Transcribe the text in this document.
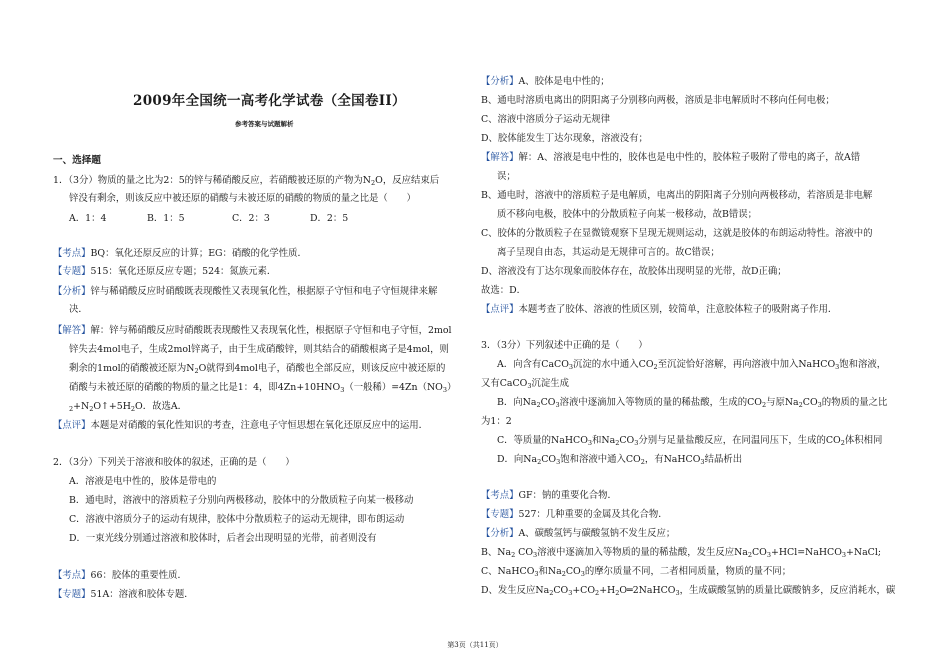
2009年全国统一高考化学试卷（全国卷II）
参考答案与试题解析
一、选择题
1．（3分）物质的量之比为2：5的锌与稀硝酸反应，若硝酸被还原的产物为$N_2O$，反应结束后
锌没有剩余，则该反应中被还原的硝酸与未被还原的硝酸的物质的量之比是（　　）
A．1：4	B．1：5	C．2：3	D．2：5
【考点】BQ：氧化还原反应的计算；EG：硝酸的化学性质．
【专题】515：氧化还原反应专题；524：氮族元素．
【分析】锌与稀硝酸反应时硝酸既表现酸性又表现氧化性，根据原子守恒和电子守恒规律来解
决．
【解答】解：锌与稀硝酸反应时硝酸既表现酸性又表现氧化性，根据原子守恒和电子守恒，2mol
锌失去4mol电子，生成2mol锌离子，由于生成硝酸锌，则其结合的硝酸根离子是4mol，则
剩余的1mol的硝酸被还原为$N_2O$就得到4mol电子，硝酸也全部反应，则该反应中被还原的
硝酸与未被还原的硝酸的物质的量之比是1：4，即$4Zn+10HNO_3$（一般稀）$=4Zn(NO_3)$
$_2+N_2O↑+5H_2O$．故选A．
【点评】本题是对硝酸的氧化性知识的考查，注意电子守恒思想在氧化还原反应中的运用．
2．（3分）下列关于溶液和胶体的叙述，正确的是（　　）
A．溶液是电中性的，胶体是带电的
B．通电时，溶液中的溶质粒子分别向两极移动，胶体中的分散质粒子向某一极移动
C．溶液中溶质分子的运动有规律，胶体中分散质粒子的运动无规律，即布朗运动
D．一束光线分别通过溶液和胶体时，后者会出现明显的光带，前者则没有
【考点】66：胶体的重要性质．
【专题】51A：溶液和胶体专题．
【分析】A、胶体是电中性的；
B、通电时溶质电离出的阴阳离子分别移向两极，溶质是非电解质时不移向任何电极；
C、溶液中溶质分子运动无规律
D、胶体能发生丁达尔现象，溶液没有；
【解答】解：A、溶液是电中性的，胶体也是电中性的，胶体粒子吸附了带电的离子，故A错
误；
B、通电时，溶液中的溶质粒子是电解质，电离出的阴阳离子分别向两极移动，若溶质是非电解
质不移向电极，胶体中的分散质粒子向某一极移动，故B错误；
C、胶体的分散质粒子在显微镜观察下呈现无规则运动，这就是胶体的布朗运动特性。溶液中的
离子呈现自由态，其运动是无规律可言的。故C错误；
D、溶液没有丁达尔现象而胶体存在，故胶体出现明显的光带，故D正确；
故选：D．
【点评】本题考查了胶体、溶液的性质区别，较简单，注意胶体粒子的吸附离子作用．
3．（3分）下列叙述中正确的是（　　）
A．向含有CaCO$_3$沉淀的水中通入$CO_2$至沉淀恰好溶解，再向溶液中加入NaHCO$_3$饱和溶液，
又有CaCO$_3$沉淀生成
B．向$Na_2CO_3$溶液中逐滴加入等物质的量的稀盐酸，生成的$CO_2$与原$Na_2CO_3$的物质的量之比
为1：2
C．等质量的NaHCO$_3$和$Na_2CO_3$分别与足量盐酸反应，在同温同压下，生成的$CO_2$体积相同
D．向$Na_2CO_3$饱和溶液中通入$CO_2$，有NaHCO$_3$结晶析出
【考点】GF：钠的重要化合物．
【专题】527：几种重要的金属及其化合物．
【分析】A、碳酸氢钙与碳酸氢钠不发生反应；
B、$Na_2$ $CO_3$溶液中逐滴加入等物质的量的稀盐酸，发生反应$Na_2CO_3+HCl=NaHCO_3+NaCl$;
C、NaHCO$_3$和$Na_2CO_3$的摩尔质量不同，二者相同质量，物质的量不同；
D、发生反应$Na_2CO_3+CO_2+H_2O═2NaHCO_3$，生成碳酸氢钠的质量比碳酸钠多，反应消耗水，碳
第3页（共11页）
